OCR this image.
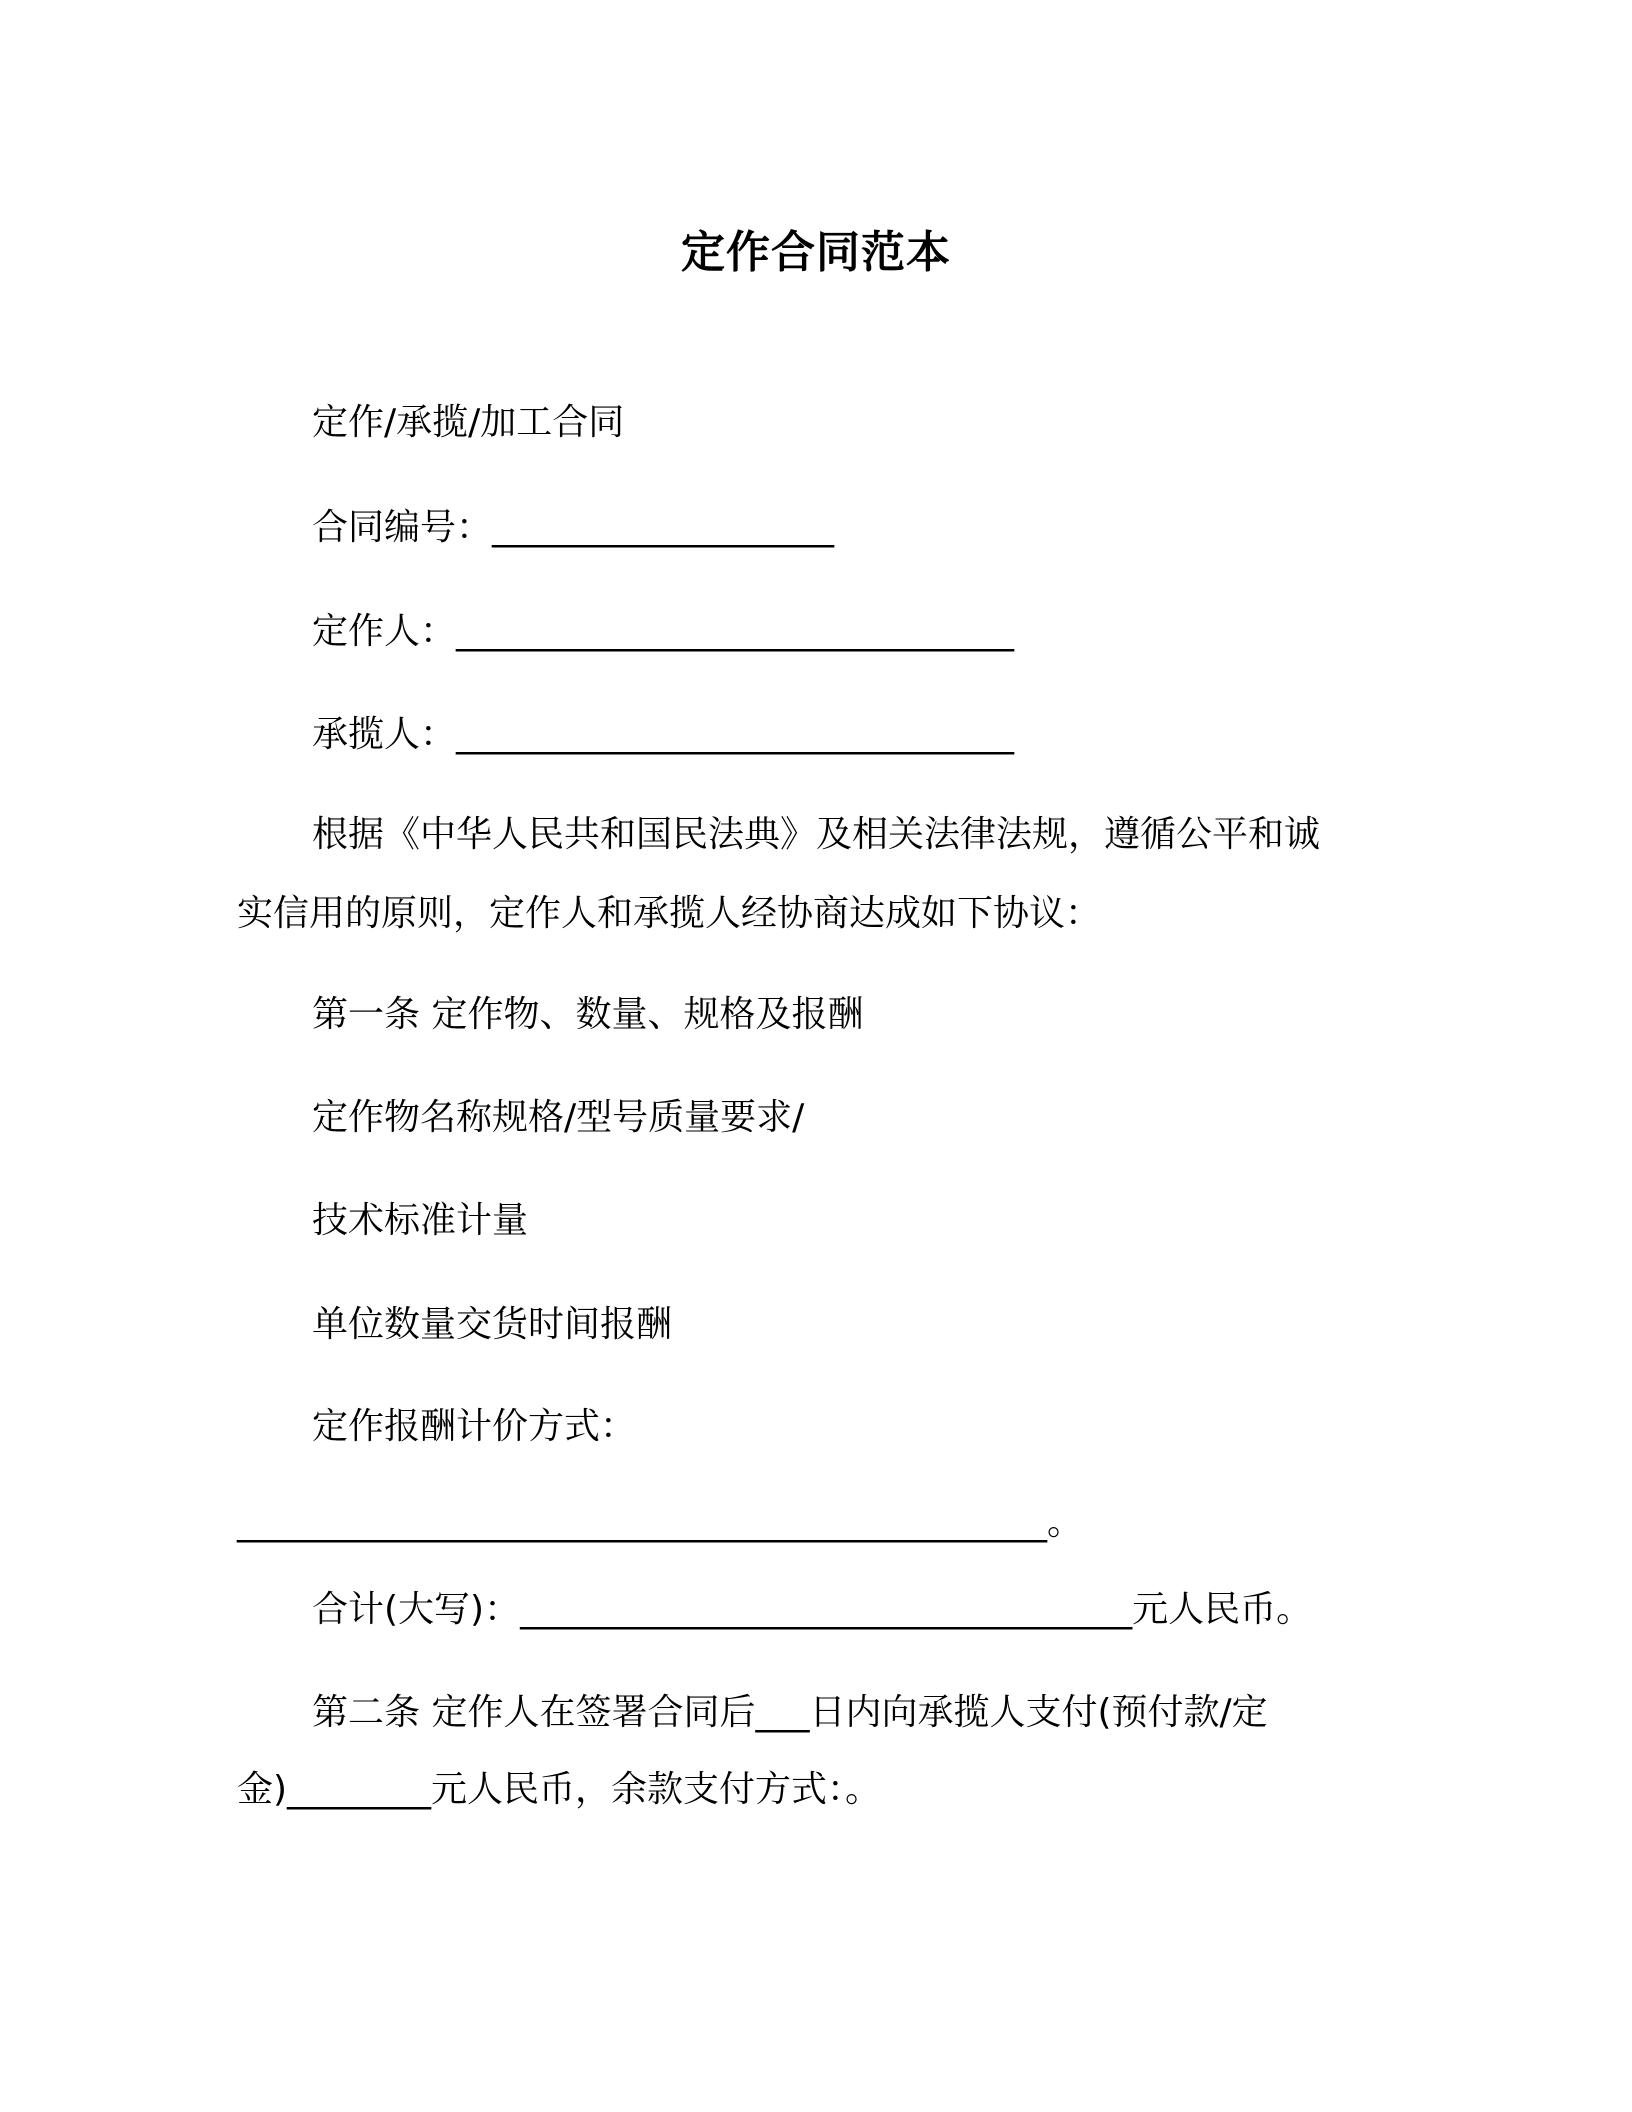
定作合同范本
定作/承揽/加工合同
合同编号：___________________
定作人：_______________________________
承揽人：_______________________________
根据《中华人民共和国民法典》及相关法律法规，遵循公平和诚
实信用的原则，定作人和承揽人经协商达成如下协议：
第一条 定作物、数量、规格及报酬
定作物名称规格/型号质量要求/
技术标准计量
单位数量交货时间报酬
定作报酬计价方式：
_____________________________________________。
合计(大写)：__________________________________元人民币。
第二条 定作人在签署合同后___日内向承揽人支付(预付款/定
金)________元人民币，余款支付方式：。
